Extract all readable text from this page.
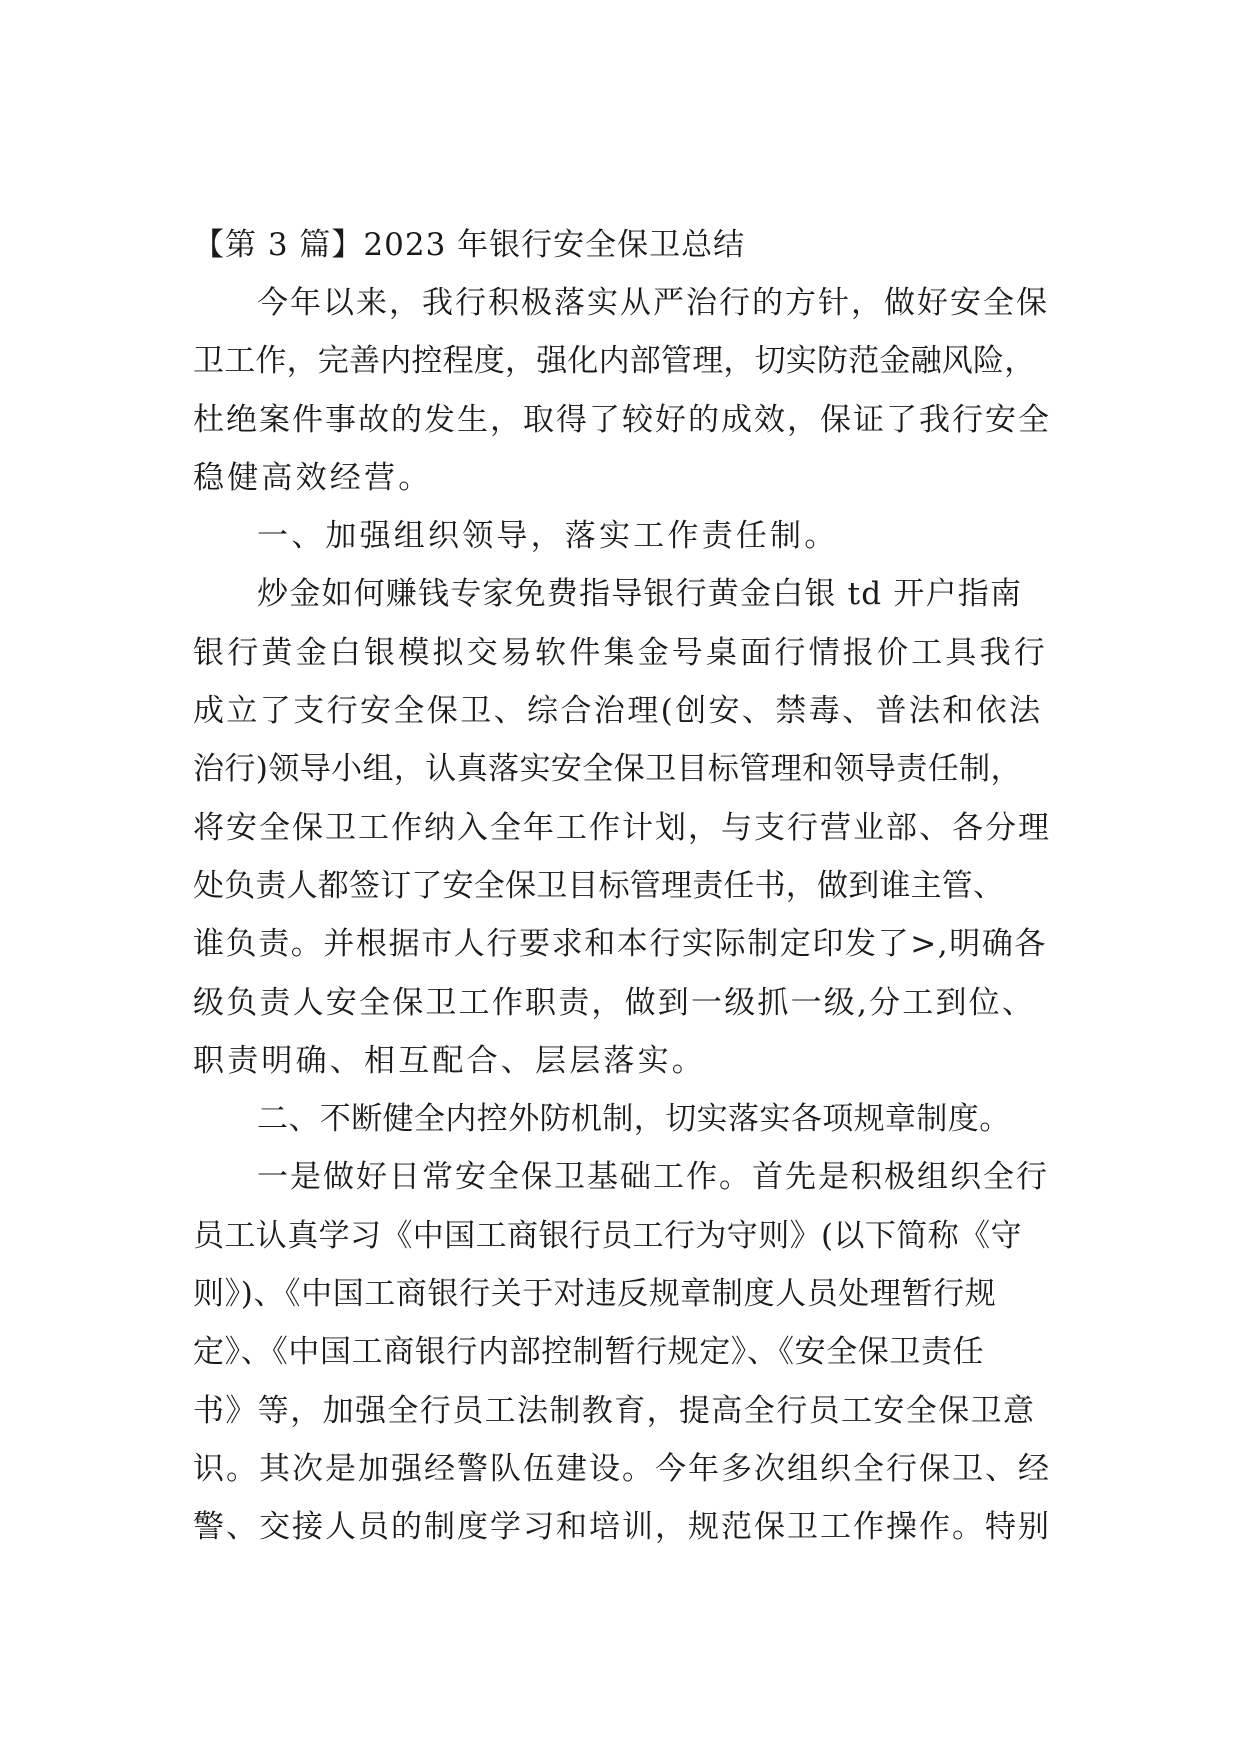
【第 3 篇】2023 年银行安全保卫总结

今年以来，我行积极落实从严治行的方针，做好安全保

卫工作，完善内控程度，强化内部管理，切实防范金融风险，

杜绝案件事故的发生，取得了较好的成效，保证了我行安全

稳健高效经营。

一、加强组织领导，落实工作责任制。

炒金如何赚钱专家免费指导银行黄金白银 td 开户指南

银行黄金白银模拟交易软件集金号桌面行情报价工具我行

成立了支行安全保卫、综合治理(创安、禁毒、普法和依法

治行)领导小组，认真落实安全保卫目标管理和领导责任制，

将安全保卫工作纳入全年工作计划，与支行营业部、各分理

处负责人都签订了安全保卫目标管理责任书，做到谁主管、

谁负责。并根据市人行要求和本行实际制定印发了>,明确各

级负责人安全保卫工作职责，做到一级抓一级,分工到位、

职责明确、相互配合、层层落实。

二、不断健全内控外防机制，切实落实各项规章制度。

一是做好日常安全保卫基础工作。首先是积极组织全行

员工认真学习《中国工商银行员工行为守则》(以下简称《守

则》)、《中国工商银行关于对违反规章制度人员处理暂行规

定》、《中国工商银行内部控制暂行规定》、《安全保卫责任

书》等，加强全行员工法制教育，提高全行员工安全保卫意

识。其次是加强经警队伍建设。今年多次组织全行保卫、经

警、交接人员的制度学习和培训，规范保卫工作操作。特别
